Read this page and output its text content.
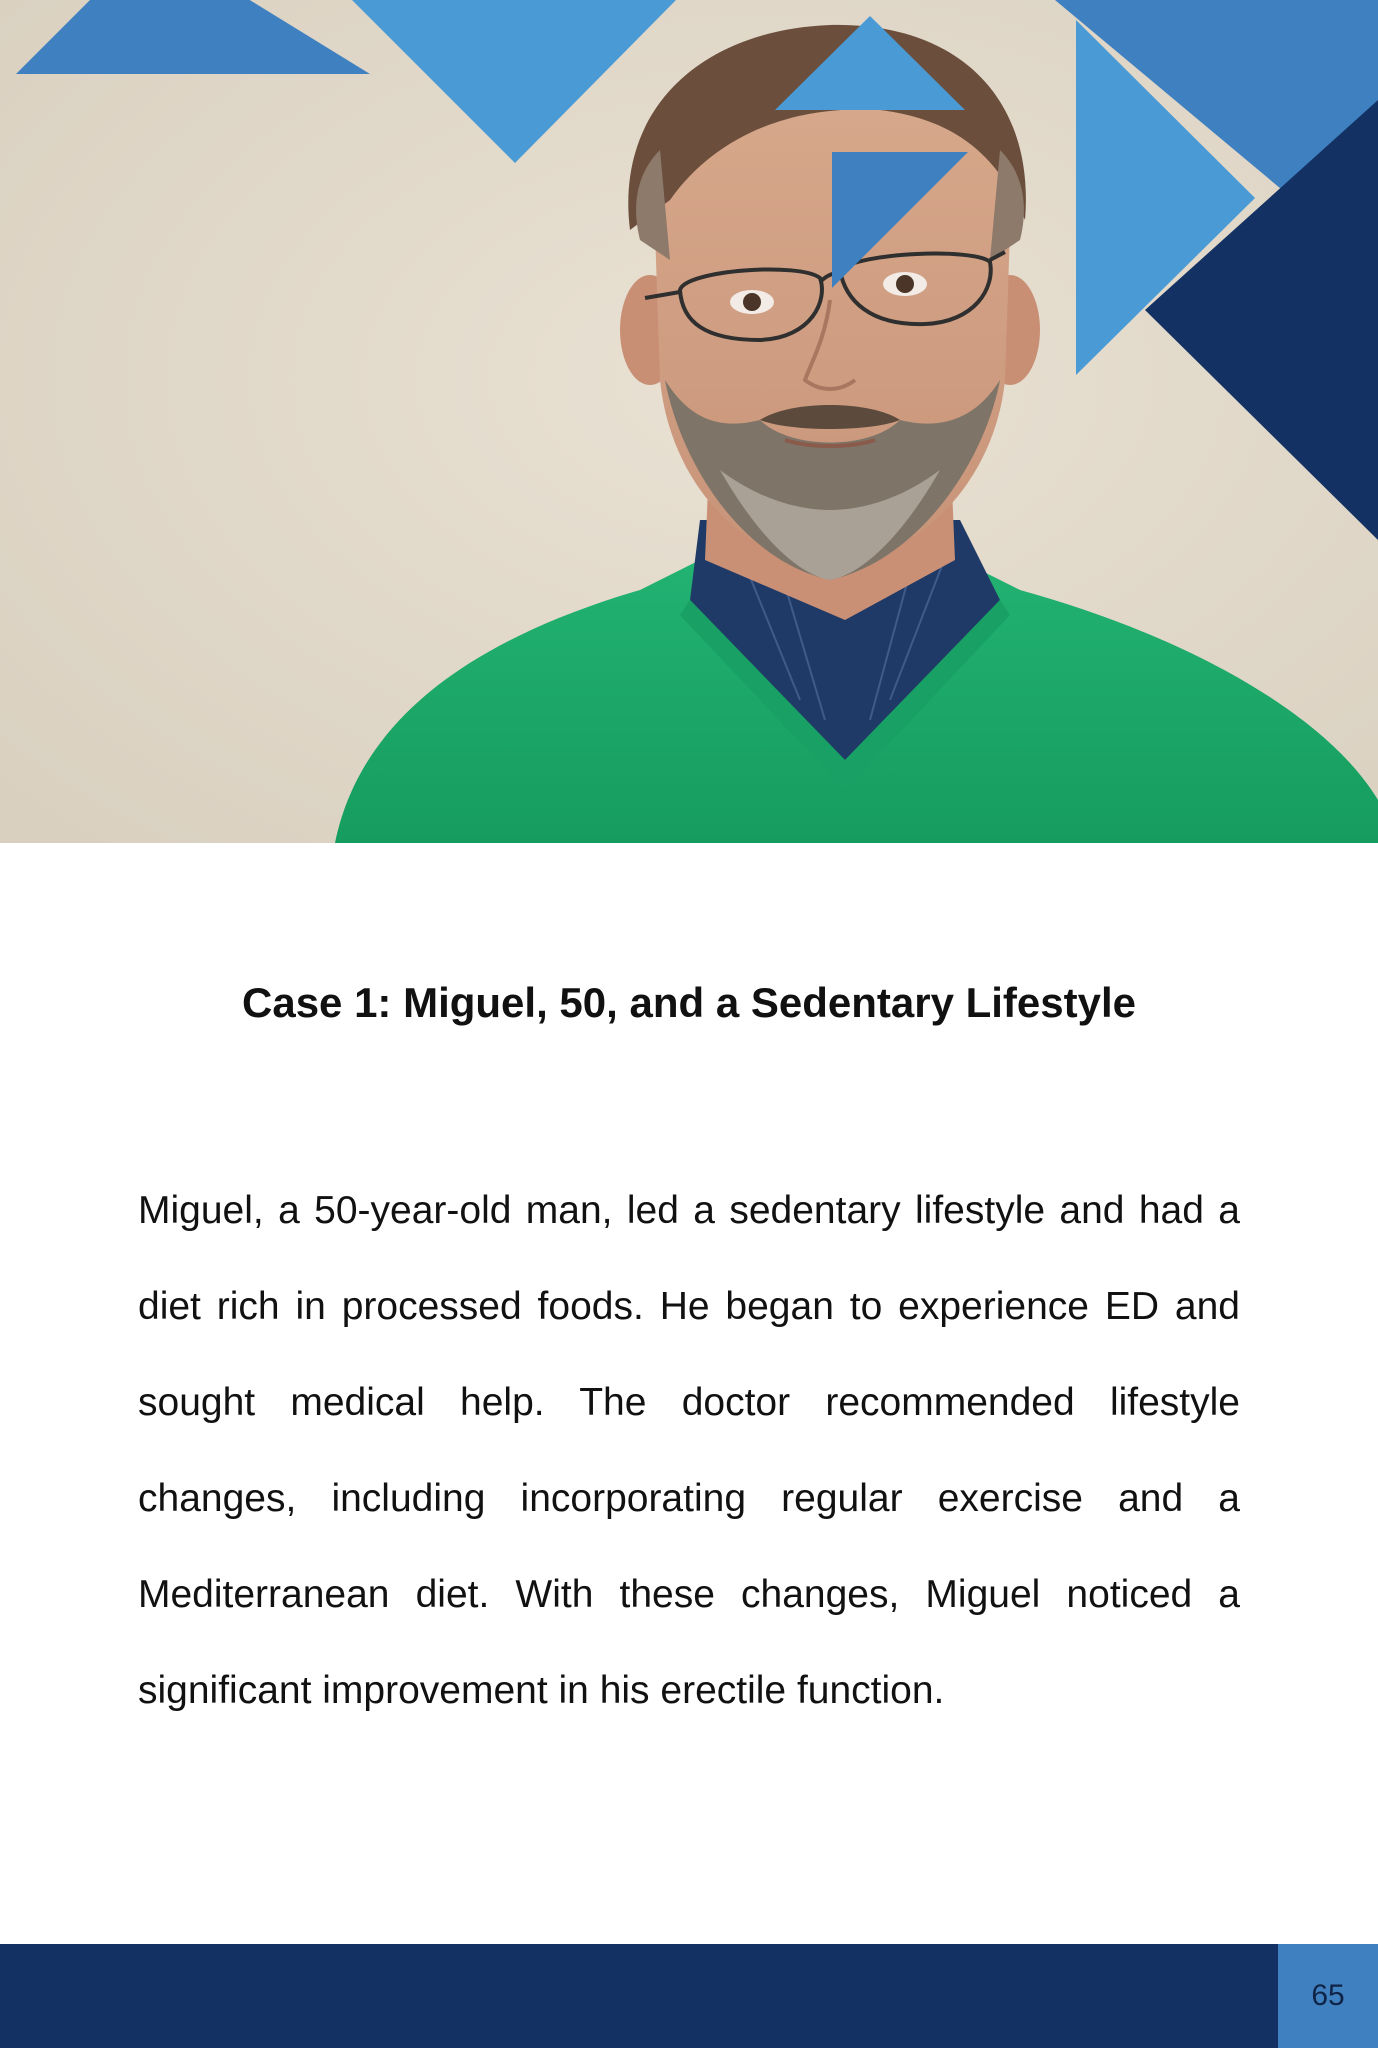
Case 1: Miguel, 50, and a Sedentary Lifestyle

Miguel, a 50-year-old man, led a sedentary lifestyle and had a diet rich in processed foods. He began to experience ED and sought medical help. The doctor recommended lifestyle changes, including incorporating regular exercise and a Mediterranean diet. With these changes, Miguel noticed a significant improvement in his erectile function.

65
